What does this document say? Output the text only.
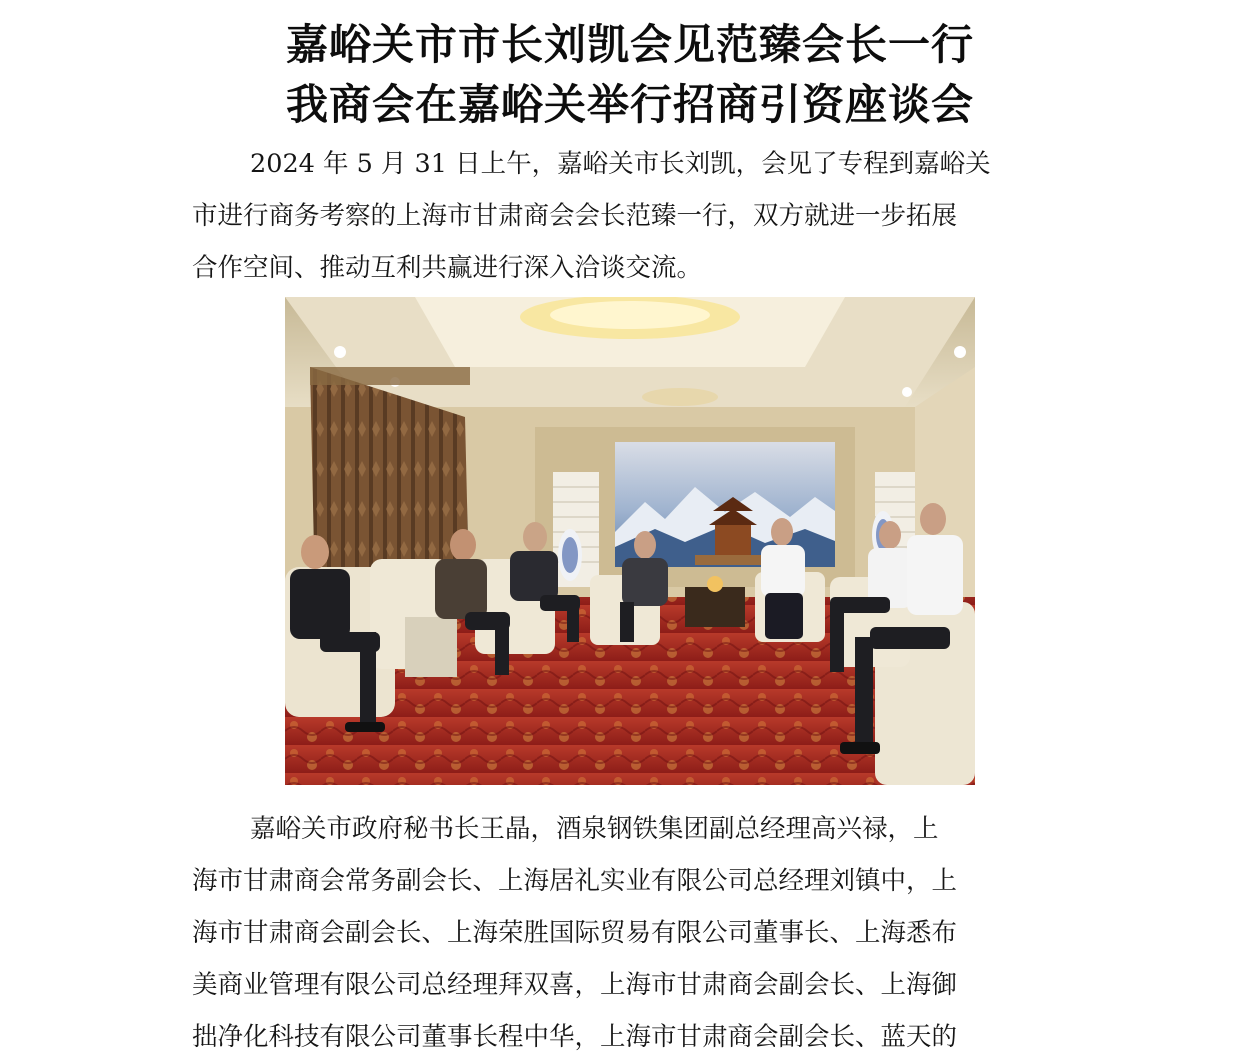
嘉峪关市市长刘凯会见范臻会长一行
我商会在嘉峪关举行招商引资座谈会
2024 年 5 月 31 日上午，嘉峪关市长刘凯，会见了专程到嘉峪关
市进行商务考察的上海市甘肃商会会长范臻一行，双方就进一步拓展
合作空间、推动互利共赢进行深入洽谈交流。
嘉峪关市政府秘书长王晶，酒泉钢铁集团副总经理高兴禄，上
海市甘肃商会常务副会长、上海居礼实业有限公司总经理刘镇中，上
海市甘肃商会副会长、上海荣胜国际贸易有限公司董事长、上海悉布
美商业管理有限公司总经理拜双喜，上海市甘肃商会副会长、上海御
拙净化科技有限公司董事长程中华，上海市甘肃商会副会长、蓝天的
